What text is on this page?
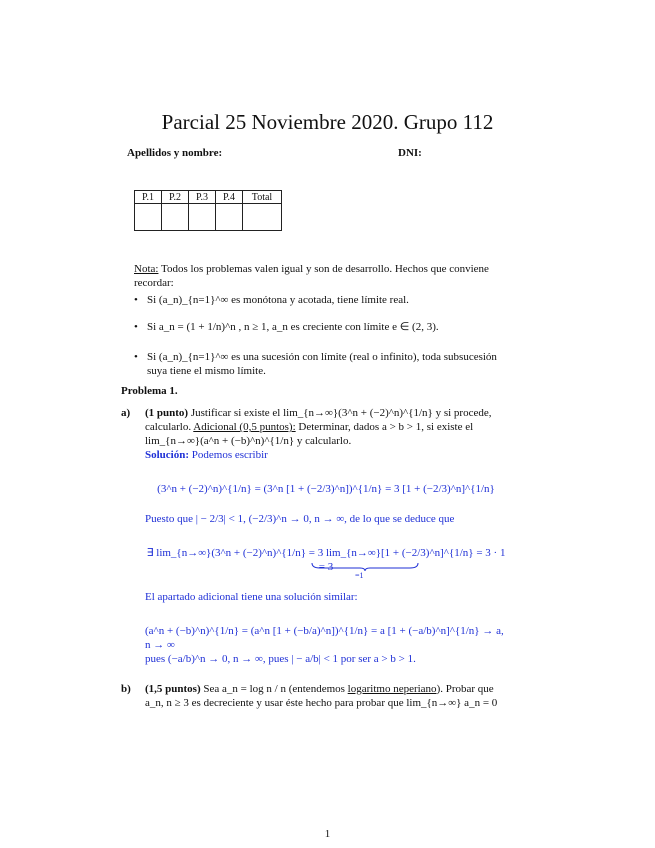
Parcial 25 Noviembre 2020. Grupo 112
Apellidos y nombre:	DNI:
P.1	P.2	P.3	P.4	Total

Nota: Todos los problemas valen igual y son de desarrollo. Hechos que conviene recordar:
• Si (a_n)_{n=1}^∞ es monótona y acotada, tiene límite real.
• Si a_n = (1 + 1/n)^n , n ≥ 1, a_n es creciente con límite e ∈ (2, 3).
• Si (a_n)_{n=1}^∞ es una sucesión con límite (real o infinito), toda subsucesión suya tiene el mismo límite.
Problema 1.
a) (1 punto) Justificar si existe el lim_{n→∞}(3^n + (−2)^n)^{1/n} y si procede, calcularlo. Adicional (0,5 puntos): Determinar, dados a > b > 1, si existe el lim_{n→∞}(a^n + (−b)^n)^{1/n} y calcularlo.
Solución: Podemos escribir
(3^n + (−2)^n)^{1/n} = (3^n [1 + (−2/3)^n])^{1/n} = 3 [1 + (−2/3)^n]^{1/n}
Puesto que | − 2/3| < 1, (−2/3)^n → 0, n → ∞, de lo que se deduce que
∃ lim_{n→∞}(3^n + (−2)^n)^{1/n} = 3 lim_{n→∞}[1 + (−2/3)^n]^{1/n} = 3 · 1 = 3
=1
El apartado adicional tiene una solución similar:
(a^n + (−b)^n)^{1/n} = (a^n [1 + (−b/a)^n])^{1/n} = a [1 + (−a/b)^n]^{1/n} → a, n → ∞
pues (−a/b)^n → 0, n → ∞, pues | − a/b| < 1 por ser a > b > 1.
b) (1,5 puntos) Sea a_n = log n / n (entendemos logaritmo neperiano). Probar que a_n, n ≥ 3 es decreciente y usar éste hecho para probar que lim_{n→∞} a_n = 0
1
